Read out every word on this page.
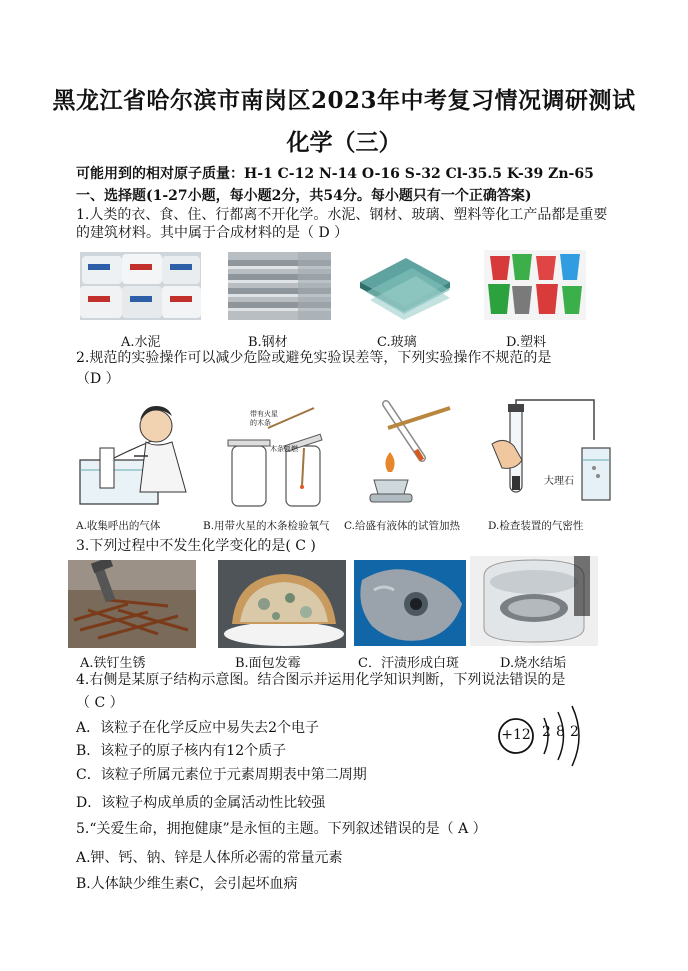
黑龙江省哈尔滨市南岗区2023年中考复习情况调研测试
化学（三）
可能用到的相对原子质量：H-1 C-12 N-14 O-16 S-32 Cl-35.5 K-39 Zn-65
一、选择题(1-27小题，每小题2分，共54分。每小题只有一个正确答案)
1.人类的衣、食、住、行都离不开化学。水泥、钢材、玻璃、塑料等化工产品都是重要
的建筑材料。其中属于合成材料的是（ D ）
A.水泥	B.钢材	C.玻璃	D.塑料
2.规范的实验操作可以减少危险或避免实验误差等，下列实验操作不规范的是
（D ）
带有火星的木条
木条复燃
大理石
A.收集呼出的气体	B.用带火星的木条检验氧气 C.给盛有液体的试管加热	D.检查装置的气密性
3.下列过程中不发生化学变化的是( C )
A.铁钉生锈	B.面包发霉	C．汗渍形成白斑	D.烧水结垢
4.右侧是某原子结构示意图。结合图示并运用化学知识判断，下列说法错误的是
（ C ）
A．该粒子在化学反应中易失去2个电子
B．该粒子的原子核内有12个质子
C．该粒子所属元素位于元素周期表中第二周期
D．该粒子构成单质的金属活动性比较强
+12 2 8 2
5.“关爱生命，拥抱健康”是永恒的主题。下列叙述错误的是（ A ）
A.钾、钙、钠、锌是人体所必需的常量元素
B.人体缺少维生素C，会引起坏血病
